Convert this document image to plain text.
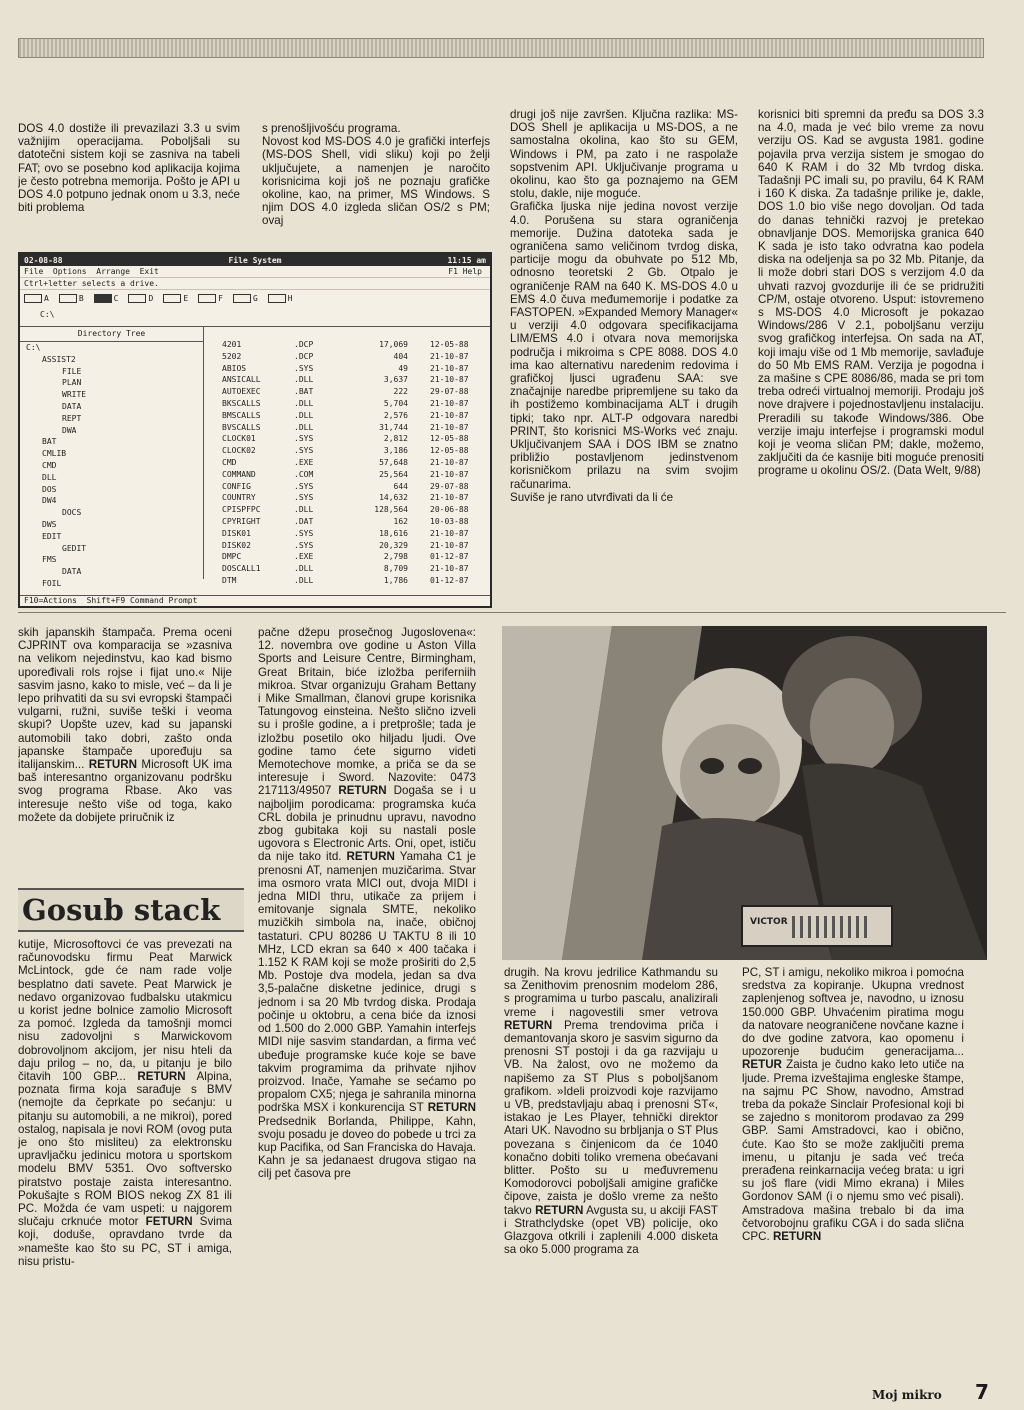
DOS 4.0 dostiže ili prevazilazi 3.3 u svim važnijim operacijama. Poboljšali su datotečni sistem koji se zasniva na tabeli FAT; ovo se posebno kod aplikacija kojima je često potrebna memorija. Pošto je API u DOS 4.0 potpuno jednak onom u 3.3, neće biti problema
s prenošljivošću programa.
Novost kod MS-DOS 4.0 je grafički interfejs (MS-DOS Shell, vidi sliku) koji po želji uključujete, a namenjen je naročito korisnicima koji još ne poznaju grafičke okoline, kao, na primer, MS Windows. S njim DOS 4.0 izgleda sličan OS/2 s PM; ovaj
drugi još nije završen. Ključna razlika: MS-DOS Shell je aplikacija u MS-DOS, a ne samostalna okolina, kao što su GEM, Windows i PM, pa zato i ne raspolaže sopstvenim API. Uključivanje programa u okolinu, kao što ga poznajemo na GEM stolu, dakle, nije moguće.
Grafička ljuska nije jedina novost verzije 4.0. Porušena su stara ograničenja memorije. Dužina datoteka sada je ograničena samo veličinom tvrdog diska, particije mogu da obuhvate po 512 Mb, odnosno teoretski 2 Gb. Otpalo je ograničenje RAM na 640 K. MS-DOS 4.0 u EMS 4.0 čuva međumemorije i podatke za FASTOPEN. »Expanded Memory Manager« u verziji 4.0 odgovara specifikacijama LIM/EMS 4.0 i otvara nova memorijska područja i mikroima s CPE 8088. DOS 4.0 ima kao alternativu naredenim redovima i grafičkoj ljusci ugrađenu SAA: sve značajnije naredbe pripremljene su tako da ih postižemo kombinacijama ALT i drugih tipki; tako npr. ALT-P odgovara naredbi PRINT, što korisnici MS-Works već znaju. Uključivanjem SAA i DOS IBM se znatno približio postavljenom jedinstvenom korisničkom prilazu na svim svojim računarima.
Suviše je rano utvrđivati da li će
korisnici biti spremni da pređu sa DOS 3.3 na 4.0, mada je već bilo vreme za novu verziju OS. Kad se avgusta 1981. godine pojavila prva verzija sistem je smogao do 640 K RAM i do 32 Mb tvrdog diska. Tadašnji PC imali su, po pravilu, 64 K RAM i 160 K diska. Za tadašnje prilike je, dakle, DOS 1.0 bio više nego dovoljan. Od tada do danas tehnički razvoj je pretekao obnavljanje DOS. Memorijska granica 640 K sada je isto tako odvratna kao podela diska na odeljenja sa po 32 Mb. Pitanje, da li može dobri stari DOS s verzijom 4.0 da uhvati razvoj gvozdurije ili će se pridružiti CP/M, ostaje otvoreno. Usput: istovremeno s MS-DOS 4.0 Microsoft je pokazao Windows/286 V 2.1, poboljšanu verziju svog grafičkog interfejsa. On sada na AT, koji imaju više od 1 Mb memorije, savlađuje do 50 Mb EMS RAM. Verzija je pogodna i za mašine s CPE 8086/86, mada se pri tom treba odreći virtualnoj memoriji. Prodaju još nove drajvere i pojednostavljenu instalaciju. Preradili su takođe Windows/386. Obe verzije imaju interfejse i programski modul koji je veoma sličan PM; dakle, možemo, zaključiti da će kasnije biti moguće prenositi programe u okolinu OS/2. (Data Welt, 9/88)
02-08-88	File System	11:15 am
File  Options  Arrange  Exit	F1 Help
Ctrl+letter selects a drive.
A	B	C	D	E	F	G	H
C:\
Directory Tree
C:\
ASSIST2
FILE
PLAN
WRITE
DATA
REPT
DWA
BAT
CMLIB
CMD
DLL
DOS
DW4
DOCS
DWS
EDIT
GEDIT
FMS
DATA
FOIL
4201	.DCP	17,069	12-05-88
5202	.DCP	404	21-10-87
ABIOS	.SYS	49	21-10-87
ANSICALL	.DLL	3,637	21-10-87
AUTOEXEC	.BAT	222	29-07-88
BKSCALLS	.DLL	5,704	21-10-87
BMSCALLS	.DLL	2,576	21-10-87
BVSCALLS	.DLL	31,744	21-10-87
CLOCK01	.SYS	2,812	12-05-88
CLOCK02	.SYS	3,186	12-05-88
CMD	.EXE	57,648	21-10-87
COMMAND	.COM	25,564	21-10-87
CONFIG	.SYS	644	29-07-88
COUNTRY	.SYS	14,632	21-10-87
CPISPFPC	.DLL	128,564	20-06-88
CPYRIGHT	.DAT	162	10-03-88
DISK01	.SYS	18,616	21-10-87
DISK02	.SYS	20,329	21-10-87
DMPC	.EXE	2,798	01-12-87
DOSCALL1	.DLL	8,709	21-10-87
DTM	.DLL	1,786	01-12-87
F10=Actions  Shift+F9 Command Prompt
skih japanskih štampača. Prema oceni CJPRINT ova komparacija se »zasniva na velikom nejedinstvu, kao kad bismo upoređivali rols rojse i fijat uno.« Nije sasvim jasno, kako to misle, već – da li je lepo prihvatiti da su svi evropski štampači vulgarni, ružni, suviše teški i veoma skupi? Uopšte uzev, kad su japanski automobili tako dobri, zašto onda japanske štampače upoređuju sa italijanskim... RETURN Microsoft UK ima baš interesantno organizovanu podršku svog programa Rbase. Ako vas interesuje nešto više od toga, kako možete da dobijete priručnik iz
Gosub stack
kutije, Microsoftovci će vas prevezati na računovodsku firmu Peat Marwick McLintock, gde će nam rade volje besplatno dati savete. Peat Marwick je nedavo organizovao fudbalsku utakmicu u korist jedne bolnice zamolio Microsoft za pomoć. Izgleda da tamošnji momci nisu zadovoljni s Marwickovom dobrovoljnom akcijom, jer nisu hteli da daju prilog – no, da, u pitanju je bilo čitavih 100 GBP... RETURN Alpina, poznata firma koja sarađuje s BMV (nemojte da čeprkate po sećanju: u pitanju su automobili, a ne mikroi), pored ostalog, napisala je novi ROM (ovog puta je ono što misliteu) za elektronsku upravljačku jedinicu motora u sportskom modelu BMV 5351. Ovo softversko piratstvo postaje zaista interesantno. Pokušajte s ROM BIOS nekog ZX 81 ili PC. Možda će vam uspeti: u najgorem slučaju crknuće motor FETURN Svima koji, doduše, opravdano tvrde da »namešte kao što su PC, ST i amiga, nisu pristu-
pačne džepu prosečnog Jugoslovena«: 12. novembra ove godine u Aston Villa Sports and Leisure Centre, Birmingham, Great Britain, biće izložba periferniih mikroa. Stvar organizuju Graham Bettany i Mike Smallman, članovi grupe korisnika Tatungovog einsteina. Nešto slično izveli su i prošle godine, a i pretprošle; tada je izložbu posetilo oko hiljadu ljudi. Ove godine tamo ćete sigurno videti Memotechove momke, a priča se da se interesuje i Sword. Nazovite: 0473 217113/49507 RETURN Dogaša se i u najboljim porodicama: programska kuća CRL dobila je prinudnu upravu, navodno zbog gubitaka koji su nastali posle ugovora s Electronic Arts. Oni, opet, ističu da nije tako itd. RETURN Yamaha C1 je prenosni AT, namenjen muzičarima. Stvar ima osmoro vrata MICI out, dvoja MIDI i jedna MIDI thru, utikače za prijem i emitovanje signala SMTE, nekoliko muzičkih simbola na, inače, običnoj tastaturi. CPU 80286 U TAKTU 8 ili 10 MHz, LCD ekran sa 640 × 400 tačaka i 1.152 K RAM koji se može proširiti do 2,5 Mb. Postoje dva modela, jedan sa dva 3,5-palačne disketne jedinice, drugi s jednom i sa 20 Mb tvrdog diska. Prodaja počinje u oktobru, a cena biće da iznosi od 1.500 do 2.000 GBP. Yamahin interfejs MIDI nije sasvim standardan, a firma već ubeđuje programske kuće koje se bave takvim programima da prihvate njihov proizvod. Inače, Yamahe se sećamo po propalom CX5; njega je sahranila minorna podrška MSX i konkurencija ST RETURN Predsednik Borlanda, Philippe, Kahn, svoju posadu je doveo do pobede u trci za kup Pacifika, od San Franciska do Havaja. Kahn je sa jedanaest drugova stigao na cilj pet časova pre
VICTOR
drugih. Na krovu jedrilice Kathmandu su sa Zenithovim prenosnim modelom 286, s programima u turbo pascalu, analizirali vreme i nagovestili smer vetrova RETURN Prema trendovima priča i demantovanja skoro je sasvim sigurno da prenosni ST postoji i da ga razvijaju u VB. Na žalost, ovo ne možemo da napišemo za ST Plus s poboljšanom grafikom. »Ideli proizvodi koje razvijamo u VB, predstavljaju abaq i prenosni ST«, istakao je Les Player, tehnički direktor Atari UK. Navodno su brbljanja o ST Plus povezana s činjenicom da će 1040 konačno dobiti toliko vremena obećavani blitter. Pošto su u međuvremenu Komodorovci poboljšali amigine grafičke čipove, zaista je došlo vreme za nešto takvo RETURN Avgusta su, u akciji FAST i Strathclydske (opet VB) policije, oko Glazgova otkrili i zaplenili 4.000 disketa sa oko 5.000 programa za
PC, ST i amigu, nekoliko mikroa i pomoćna sredstva za kopiranje. Ukupna vrednost zaplenjenog softveа je, navodno, u iznosu 150.000 GBP. Uhvaćenim piratima mogu da natovare neograničene novčane kazne i do dve godine zatvora, kao opomenu i upozorenje budućim generacijama... RETUR Zaista je čudno kako leto utiče na ljude. Prema izveštajima engleske štampe, na sajmu PC Show, navodno, Amstrad treba da pokaže Sinclair Profesional koji bi se zajedno s monitorom prodavao za 299 GBP. Sami Amstradovci, kao i obično, ćute. Kao što se može zaključiti prema imenu, u pitanju je sada već treća prerađena reinkarnacija većeg brata: u igri su još flare (vidi Mimo ekrana) i Miles Gordonov SAM (i o njemu smo već pisali). Amstradova mašina trebalo bi da ima četvorobojnu grafiku CGA i do sada slična CPC. RETURN
Moj mikro 7
